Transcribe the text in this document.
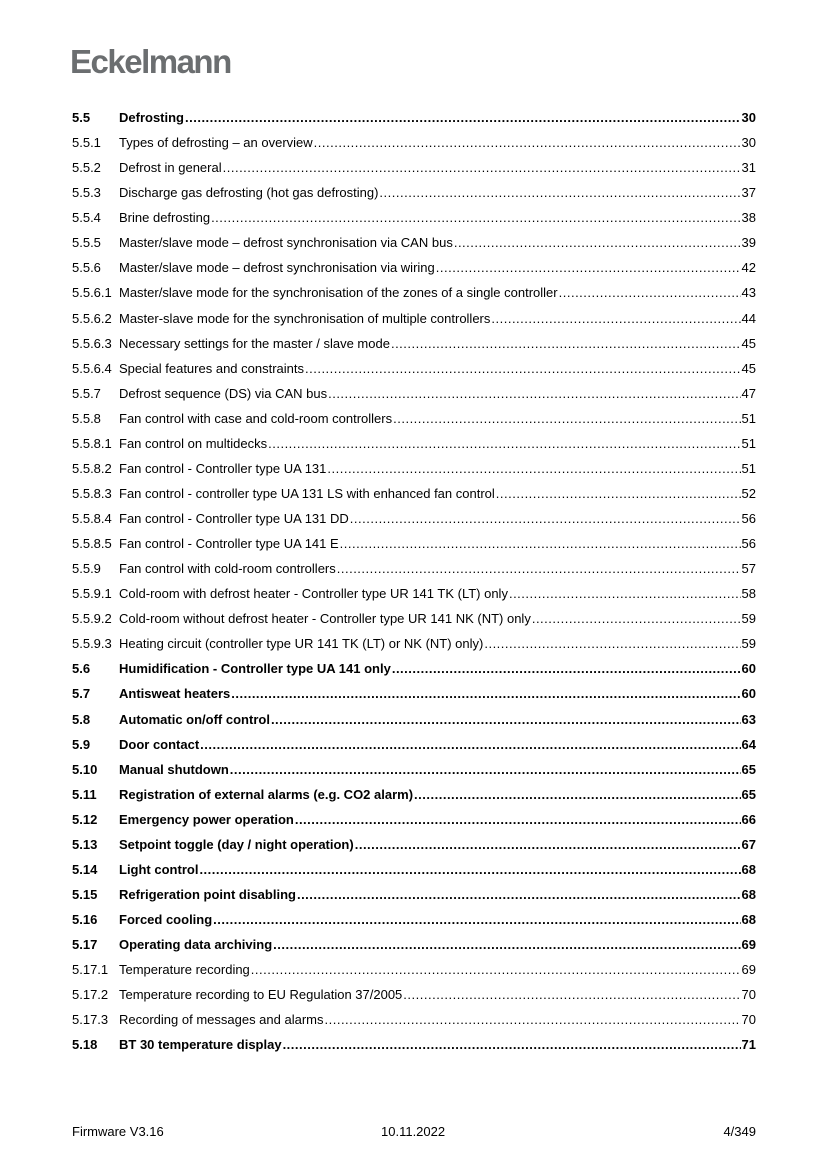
Eckelmann
5.5	Defrosting .....	30
5.5.1	Types of defrosting – an overview .....	30
5.5.2	Defrost in general .....	31
5.5.3	Discharge gas defrosting (hot gas defrosting) .....	37
5.5.4	Brine defrosting .....	38
5.5.5	Master/slave mode – defrost synchronisation via CAN bus .....	39
5.5.6	Master/slave mode – defrost synchronisation via wiring .....	42
5.5.6.1 Master/slave mode for the synchronisation of the zones of a single controller .....	43
5.5.6.2 Master-slave mode for the synchronisation of multiple controllers .....	44
5.5.6.3 Necessary settings for the master / slave mode .....	45
5.5.6.4 Special features and constraints .....	45
5.5.7	Defrost sequence (DS) via CAN bus .....	47
5.5.8	Fan control with case and cold-room controllers .....	51
5.5.8.1 Fan control on multidecks .....	51
5.5.8.2 Fan control - Controller type UA 131 .....	51
5.5.8.3 Fan control - controller type UA 131 LS with enhanced fan control .....	52
5.5.8.4 Fan control - Controller type UA 131 DD .....	56
5.5.8.5 Fan control - Controller type UA 141 E .....	56
5.5.9	Fan control with cold-room controllers .....	57
5.5.9.1 Cold-room with defrost heater - Controller type UR 141 TK (LT) only .....	58
5.5.9.2 Cold-room without defrost heater - Controller type UR 141 NK (NT) only .....	59
5.5.9.3 Heating circuit (controller type UR 141 TK (LT) or NK (NT) only) .....	59
5.6	Humidification - Controller type UA 141 only .....	60
5.7	Antisweat heaters .....	60
5.8	Automatic on/off control .....	63
5.9	Door contact .....	64
5.10	Manual shutdown .....	65
5.11	Registration of external alarms (e.g. CO2 alarm) .....	65
5.12	Emergency power operation .....	66
5.13	Setpoint toggle (day / night operation) .....	67
5.14	Light control .....	68
5.15	Refrigeration point disabling .....	68
5.16	Forced cooling .....	68
5.17	Operating data archiving .....	69
5.17.1 Temperature recording .....	69
5.17.2 Temperature recording to EU Regulation 37/2005 .....	70
5.17.3 Recording of messages and alarms .....	70
5.18	BT 30 temperature display .....	71
Firmware V3.16	10.11.2022	4/349
